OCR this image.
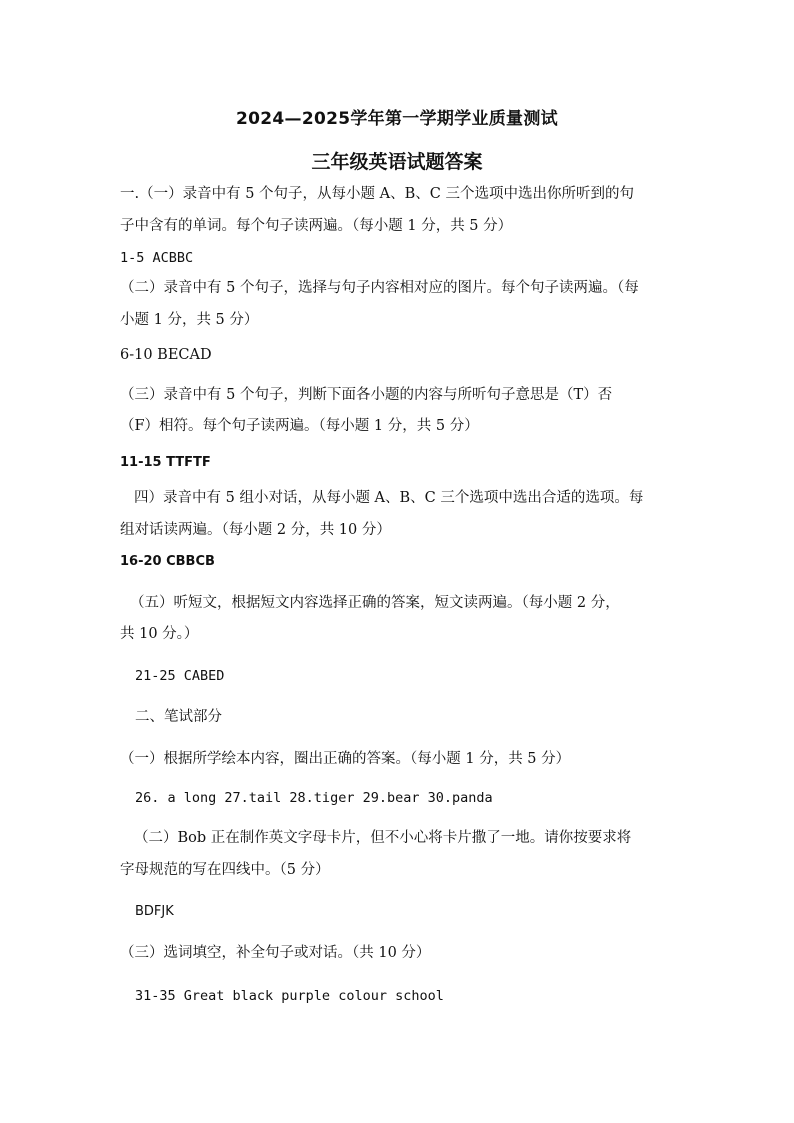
2024—2025学年第一学期学业质量测试
三年级英语试题答案
一.（一）录音中有 5 个句子，从每小题 A、B、C 三个选项中选出你所听到的句
子中含有的单词。每个句子读两遍。（每小题 1 分，共 5 分）
1-5 ACBBC
（二）录音中有 5 个句子，选择与句子内容相对应的图片。每个句子读两遍。（每
小题 1 分，共 5 分）
6-10 BECAD
（三）录音中有 5 个句子，判断下面各小题的内容与所听句子意思是（T）否
（F）相符。每个句子读两遍。（每小题 1 分，共 5 分）
11-15 TTFTF
四）录音中有 5 组小对话，从每小题 A、B、C 三个选项中选出合适的选项。每
组对话读两遍。（每小题 2 分，共 10 分）
16-20 CBBCB
（五）听短文，根据短文内容选择正确的答案，短文读两遍。（每小题 2 分，
共 10 分。）
21-25 CABED
二、笔试部分
（一）根据所学绘本内容，圈出正确的答案。（每小题 1 分，共 5 分）
26. a long 27.tail 28.tiger 29.bear 30.panda
（二）Bob 正在制作英文字母卡片，但不小心将卡片撒了一地。请你按要求将
字母规范的写在四线中。（5 分）
BDFJK
（三）选词填空，补全句子或对话。（共 10 分）
31-35 Great black purple colour school
